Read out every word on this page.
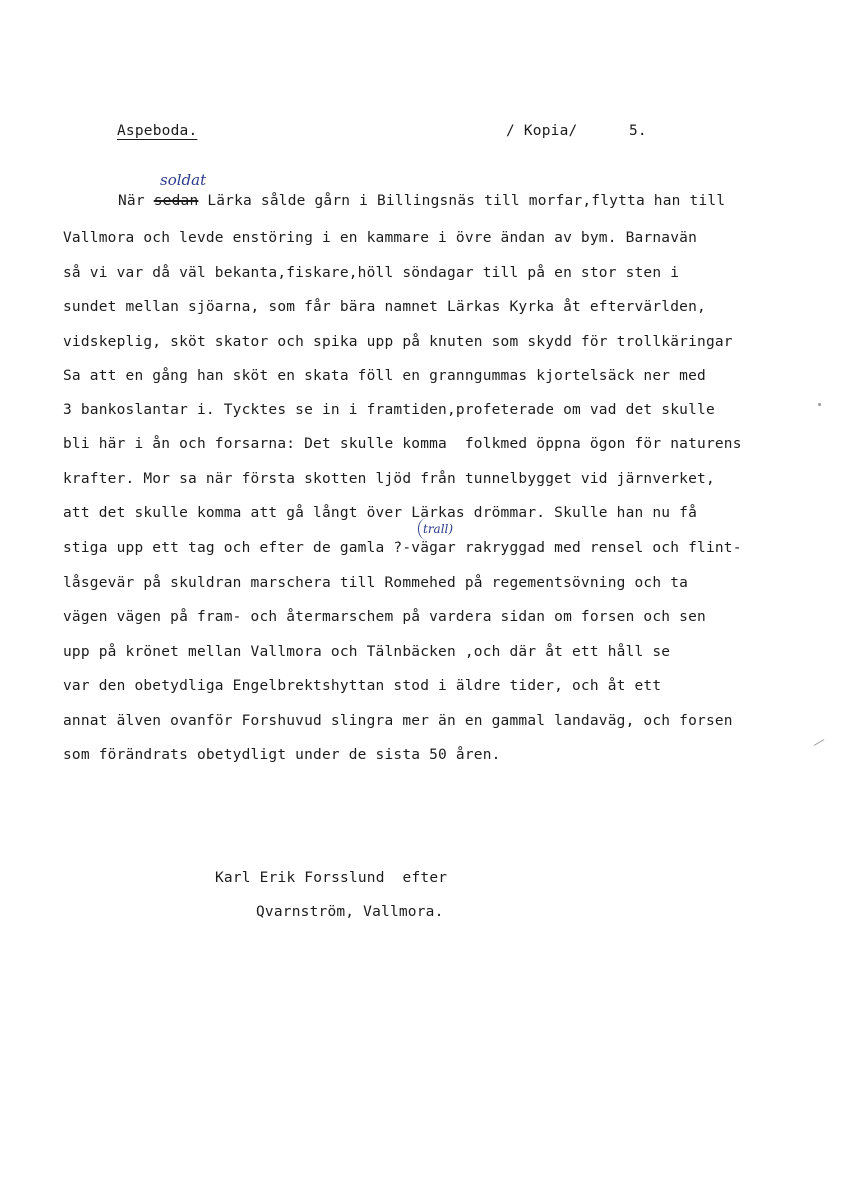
Aspeboda.	/ Kopia/	5.
soldat
När sedan Lärka sålde gårn i Billingsnäs till morfar,flytta han till
Vallmora och levde enstöring i en kammare i övre ändan av bym. Barnavän
så vi var då väl bekanta,fiskare,höll söndagar till på en stor sten i
sundet mellan sjöarna, som får bära namnet Lärkas Kyrka åt eftervärlden,
vidskeplig, sköt skator och spika upp på knuten som skydd för trollkäringar
Sa att en gång han sköt en skata föll en granngummas kjortelsäck ner med
3 bankoslantar i. Tycktes se in i framtiden,profeterade om vad det skulle
bli här i ån och forsarna: Det skulle komma  folkmed öppna ögon för naturens
krafter. Mor sa när första skotten ljöd från tunnelbygget vid järnverket,
att det skulle komma att gå långt över Lärkas drömmar. Skulle han nu få
trall)
stiga upp ett tag och efter de gamla ?-vägar rakryggad med rensel och flint-
låsgevär på skuldran marschera till Rommehed på regementsövning och ta
vägen vägen på fram- och återmarschem på vardera sidan om forsen och sen
upp på krönet mellan Vallmora och Tälnbäcken ,och där åt ett håll se
var den obetydliga Engelbrektshyttan stod i äldre tider, och åt ett
annat älven ovanför Forshuvud slingra mer än en gammal landaväg, och forsen
som förändrats obetydligt under de sista 50 åren.
Karl Erik Forsslund  efter
Qvarnström, Vallmora.
